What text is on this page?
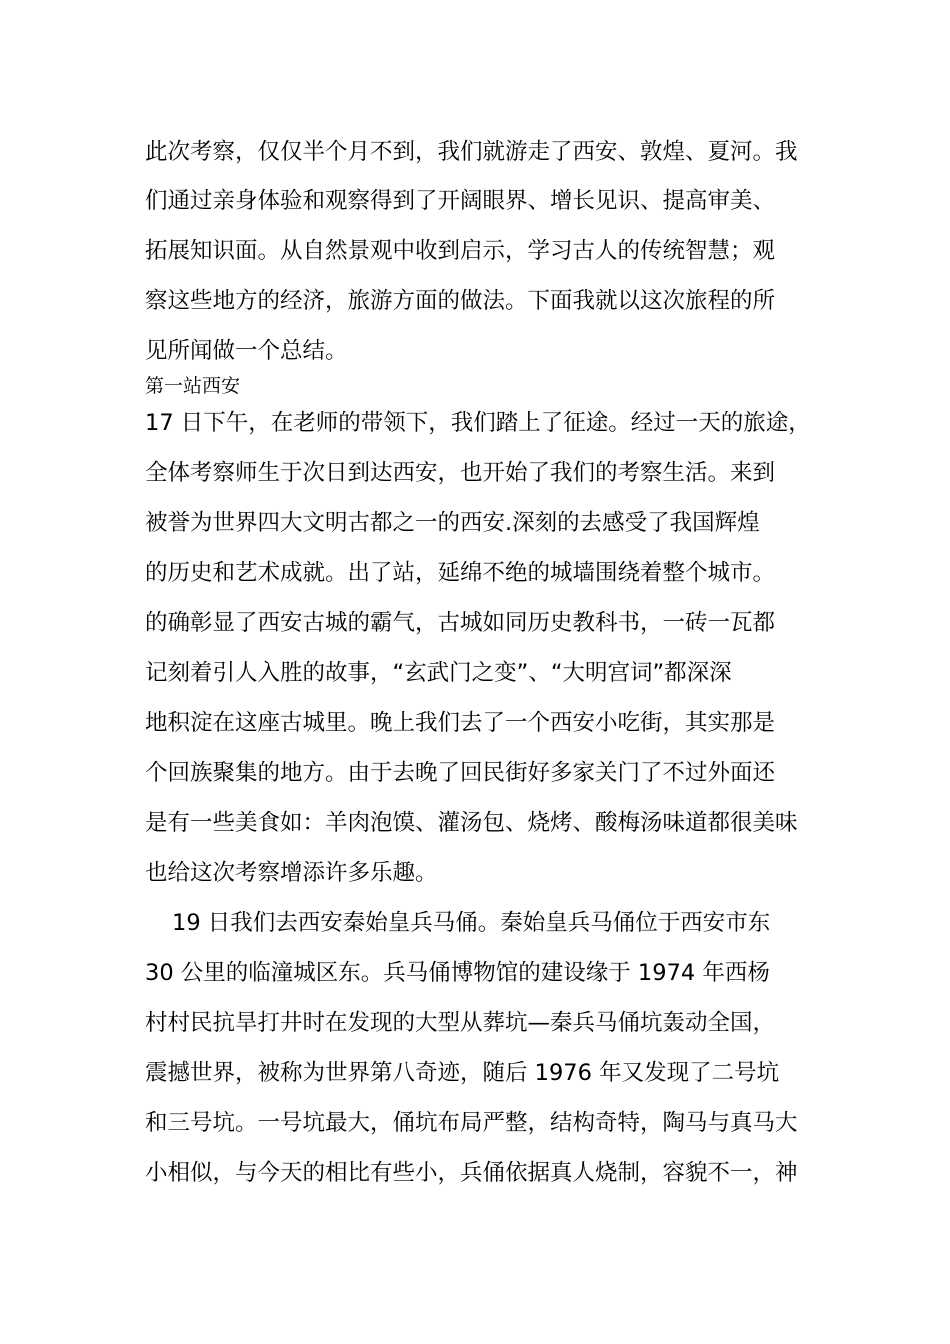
此次考察，仅仅半个月不到，我们就游走了西安、敦煌、夏河。我
们通过亲身体验和观察得到了开阔眼界、增长见识、提高审美、
拓展知识面。从自然景观中收到启示，学习古人的传统智慧；观
察这些地方的经济，旅游方面的做法。下面我就以这次旅程的所
见所闻做一个总结。
第一站西安
17 日下午，在老师的带领下，我们踏上了征途。经过一天的旅途，
全体考察师生于次日到达西安，也开始了我们的考察生活。来到
被誉为世界四大文明古都之一的西安.深刻的去感受了我国辉煌
的历史和艺术成就。出了站，延绵不绝的城墙围绕着整个城市。
的确彰显了西安古城的霸气，古城如同历史教科书，一砖一瓦都
记刻着引人入胜的故事，“玄武门之变”、“大明宫词”都深深
地积淀在这座古城里。晚上我们去了一个西安小吃街，其实那是
个回族聚集的地方。由于去晚了回民街好多家关门了不过外面还
是有一些美食如：羊肉泡馍、灌汤包、烧烤、酸梅汤味道都很美味
也给这次考察增添许多乐趣。
19 日我们去西安秦始皇兵马俑。秦始皇兵马俑位于西安市东
30 公里的临潼城区东。兵马俑博物馆的建设缘于 1974 年西杨
村村民抗旱打井时在发现的大型从葬坑—秦兵马俑坑轰动全国，
震撼世界，被称为世界第八奇迹，随后 1976 年又发现了二号坑
和三号坑。一号坑最大，俑坑布局严整，结构奇特，陶马与真马大
小相似，与今天的相比有些小，兵俑依据真人烧制，容貌不一，神
